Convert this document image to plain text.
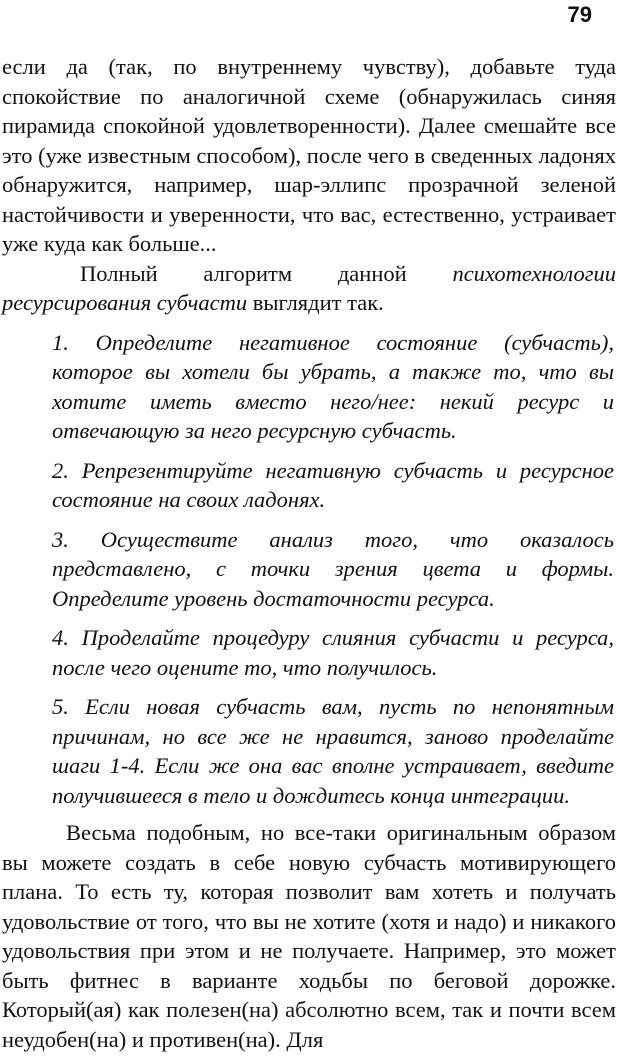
79

если да (так, по внутреннему чувству), добавьте туда спокойствие по аналогичной схеме (обнаружилась синяя пирамида спокойной удовлетворенности). Далее смешайте все это (уже известным способом), после чего в сведенных ладонях обнаружится, например, шар-эллипс прозрачной зеленой настойчивости и уверенности, что вас, естественно, устраивает уже куда как больше...

Полный алгоритм данной психотехнологии ресурсирования субчасти выглядит так.

1. Определите негативное состояние (субчасть), которое вы хотели бы убрать, а также то, что вы хотите иметь вместо него/нее: некий ресурс и отвечающую за него ресурсную субчасть.

2. Репрезентируйте негативную субчасть и ресурсное состояние на своих ладонях.

3. Осуществите анализ того, что оказалось представлено, с точки зрения цвета и формы. Определите уровень достаточности ресурса.

4. Проделайте процедуру слияния субчасти и ресурса, после чего оцените то, что получилось.

5. Если новая субчасть вам, пусть по непонятным причинам, но все же не нравится, заново проделайте шаги 1-4. Если же она вас вполне устраивает, введите получившееся в тело и дождитесь конца интеграции.

Весьма подобным, но все-таки оригинальным образом вы можете создать в себе новую субчасть мотивирующего плана. То есть ту, которая позволит вам хотеть и получать удовольствие от того, что вы не хотите (хотя и надо) и никакого удовольствия при этом и не получаете. Например, это может быть фитнес в варианте ходьбы по беговой дорожке. Который(ая) как полезен(на) абсолютно всем, так и почти всем неудобен(на) и противен(на). Для
